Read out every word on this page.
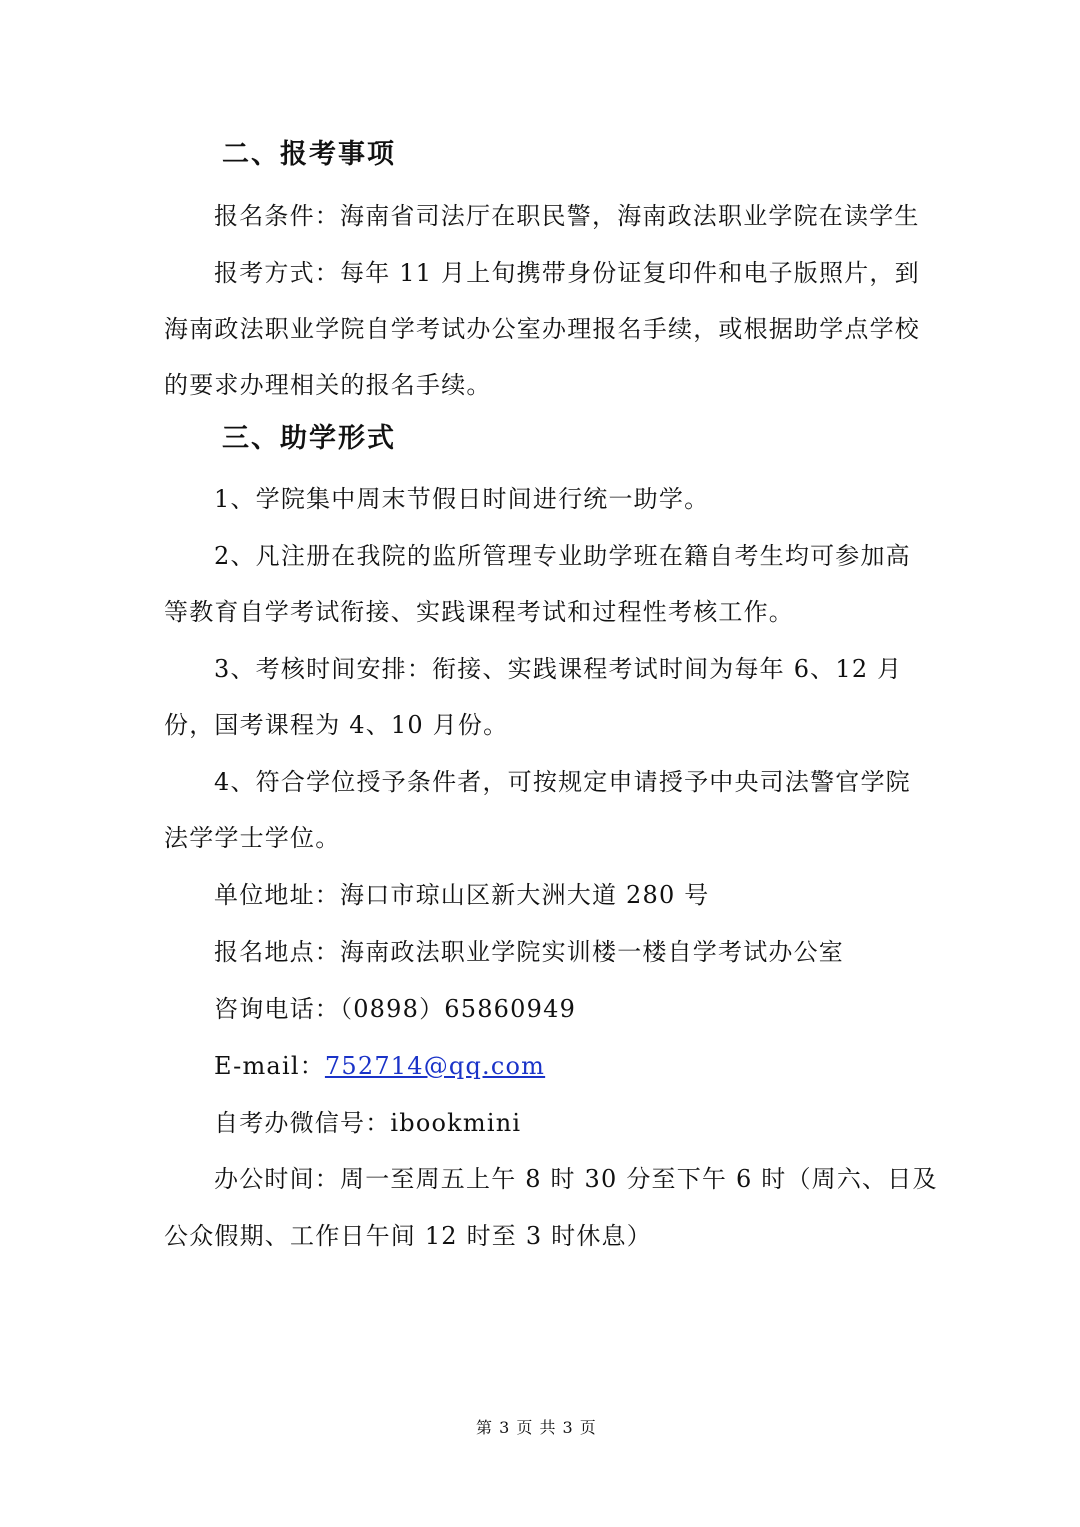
二、报考事项
报名条件：海南省司法厅在职民警，海南政法职业学院在读学生
报考方式：每年 11 月上旬携带身份证复印件和电子版照片，到
海南政法职业学院自学考试办公室办理报名手续，或根据助学点学校
的要求办理相关的报名手续。
三、助学形式
1、学院集中周末节假日时间进行统一助学。
2、凡注册在我院的监所管理专业助学班在籍自考生均可参加高
等教育自学考试衔接、实践课程考试和过程性考核工作。
3、考核时间安排：衔接、实践课程考试时间为每年 6、12 月
份，国考课程为 4、10 月份。
4、符合学位授予条件者，可按规定申请授予中央司法警官学院
法学学士学位。
单位地址：海口市琼山区新大洲大道 280 号
报名地点：海南政法职业学院实训楼一楼自学考试办公室
咨询电话：（0898）65860949
E-mail：752714@qq.com
自考办微信号：ibookmini
办公时间：周一至周五上午 8 时 30 分至下午 6 时（周六、日及
公众假期、工作日午间 12 时至 3 时休息）
第 3 页 共 3 页
